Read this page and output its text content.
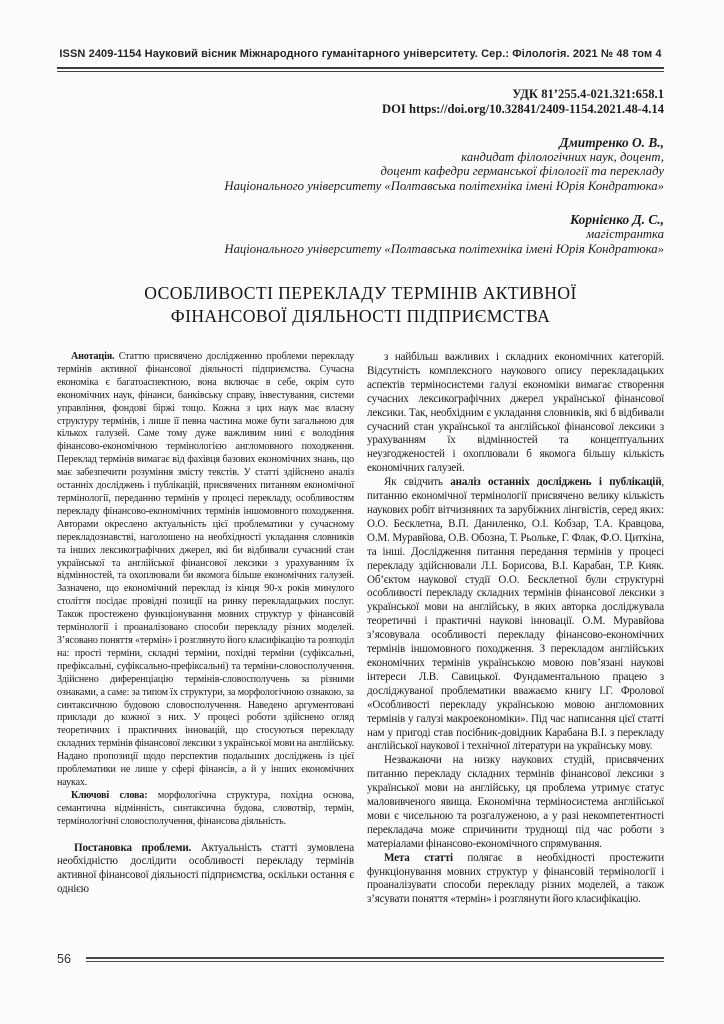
ISSN 2409-1154 Науковий вісник Міжнародного гуманітарного університету. Сер.: Філологія. 2021 № 48 том 4
УДК 81’255.4-021.321:658.1
DOI https://doi.org/10.32841/2409-1154.2021.48-4.14
Дмитренко О. В.,
кандидат філологічних наук, доцент,
доцент кафедри германської філології та перекладу
Національного університету «Полтавська політехніка імені Юрія Кондратюка»
Корнієнко Д. С.,
магістрантка
Національного університету «Полтавська політехніка імені Юрія Кондратюка»
ОСОБЛИВОСТІ ПЕРЕКЛАДУ ТЕРМІНІВ АКТИВНОЇ
ФІНАНСОВОЇ ДІЯЛЬНОСТІ ПІДПРИЄМСТВА

Анотація. Статтю присвячено дослідженню проблеми перекладу термінів активної фінансової діяльності підприємства. Сучасна економіка є багатоаспектною, вона включає в себе, окрім суто економічних наук, фінанси, банківську справу, інвестування, системи управління, фондові біржі тощо. Кожна з цих наук має власну структуру термінів, і лише її певна частина може бути загальною для кількох галузей. Саме тому дуже важливим нині є володіння фінансово-економічною термінологією англомовного походження. Переклад термінів вимагає від фахівця базових економічних знань, що має забезпечити розуміння змісту текстів. У статті здійснено аналіз останніх досліджень і публікацій, присвячених питанням економічної термінології, переданню термінів у процесі перекладу, особливостям перекладу фінансово-економічних термінів іншомовного походження. Авторами окреслено актуальність цієї проблематики у сучасному перекладознавстві, наголошено на необхідності укладання словників та інших лексикографічних джерел, які би відбивали сучасний стан української та англійської фінансової лексики з урахуванням їх відмінностей, та охоплювали би якомога більше економічних галузей. Зазначено, що економічний переклад із кінця 90-х років минулого століття посідає провідні позиції на ринку перекладацьких послуг. Також простежено функціонування мовних структур у фінансовій термінології і проаналізовано способи перекладу різних моделей. З’ясовано поняття «термін» і розглянуто його класифікацію та розподіл на: прості терміни, складні терміни, похідні терміни (суфіксальні, префіксальні, суфіксально-префіксальні) та терміни-словосполучення. Здійснено диференціацію термінів-словосполучень за різними ознаками, а саме: за типом їх структури, за морфологічною ознакою, за синтаксичною будовою словосполучення. Наведено аргументовані приклади до кожної з них. У процесі роботи здійснено огляд теоретичних і практичних інновацій, що стосуються перекладу складних термінів фінансової лексики з української мови на англійську. Надано пропозиції щодо перспектив подальших досліджень із цієї проблематики не лише у сфері фінансів, а й у інших економічних науках.

Ключові слова: морфологічна структура, похідна основа, семантична відмінність, синтаксична будова, словотвір, термін, термінологічні словосполучення, фінансова діяльність.

Постановка проблеми. Актуальність статті зумовлена необхідністю дослідити особливості перекладу термінів активної фінансової діяльності підприємства, оскільки остання є однією

з найбільш важливих і складних економічних категорій. Відсутність комплексного наукового опису перекладацьких аспектів терміносистеми галузі економіки вимагає створення сучасних лексикографічних джерел української фінансової лексики. Так, необхідним є укладання словників, які б відбивали сучасний стан української та англійської фінансової лексики з урахуванням їх відмінностей та концептуальних неузгодженостей і охоплювали б якомога більшу кількість економічних галузей.

Як свідчить аналіз останніх досліджень і публікацій, питанню економічної термінології присвячено велику кількість наукових робіт вітчизняних та зарубіжних лінгвістів, серед яких: О.О. Бесклетна, В.П. Даниленко, О.І. Кобзар, Т.А. Кравцова, О.М. Муравйова, О.В. Обозна, Т. Рьольке, Г. Флак, Ф.О. Циткіна, та інші. Дослідження питання передання термінів у процесі перекладу здійснювали Л.І. Борисова, В.І. Карабан, Т.Р. Кияк. Об’єктом наукової студії О.О. Бесклетної були структурні особливості перекладу складних термінів фінансової лексики з української мови на англійську, в яких авторка досліджувала теоретичні і практичні наукові інновації. О.М. Муравйова з’ясовувала особливості перекладу фінансово-економічних термінів іншомовного походження. З перекладом англійських економічних термінів українською мовою пов’язані наукові інтереси Л.В. Савицької. Фундаментальною працею з досліджуваної проблематики вважаємо книгу І.Г. Фролової «Особливості перекладу українською мовою англомовних термінів у галузі макроекономіки». Під час написання цієї статті нам у пригоді став посібник-довідник Карабана В.І. з перекладу англійської наукової і технічної літератури на українську мову.

Незважаючи на низку наукових студій, присвячених питанню перекладу складних термінів фінансової лексики з української мови на англійську, ця проблема утримує статус маловивченого явища. Економічна терміносистема англійської мови є чисельною та розгалуженою, а у разі некомпетентності перекладача може спричинити труднощі під час роботи з матеріалами фінансово-економічного спрямування.

Мета статті полягає в необхідності простежити функціонування мовних структур у фінансовій термінології і проаналізувати способи перекладу різних моделей, а також з’ясувати поняття «термін» і розглянути його класифікацію.

56
